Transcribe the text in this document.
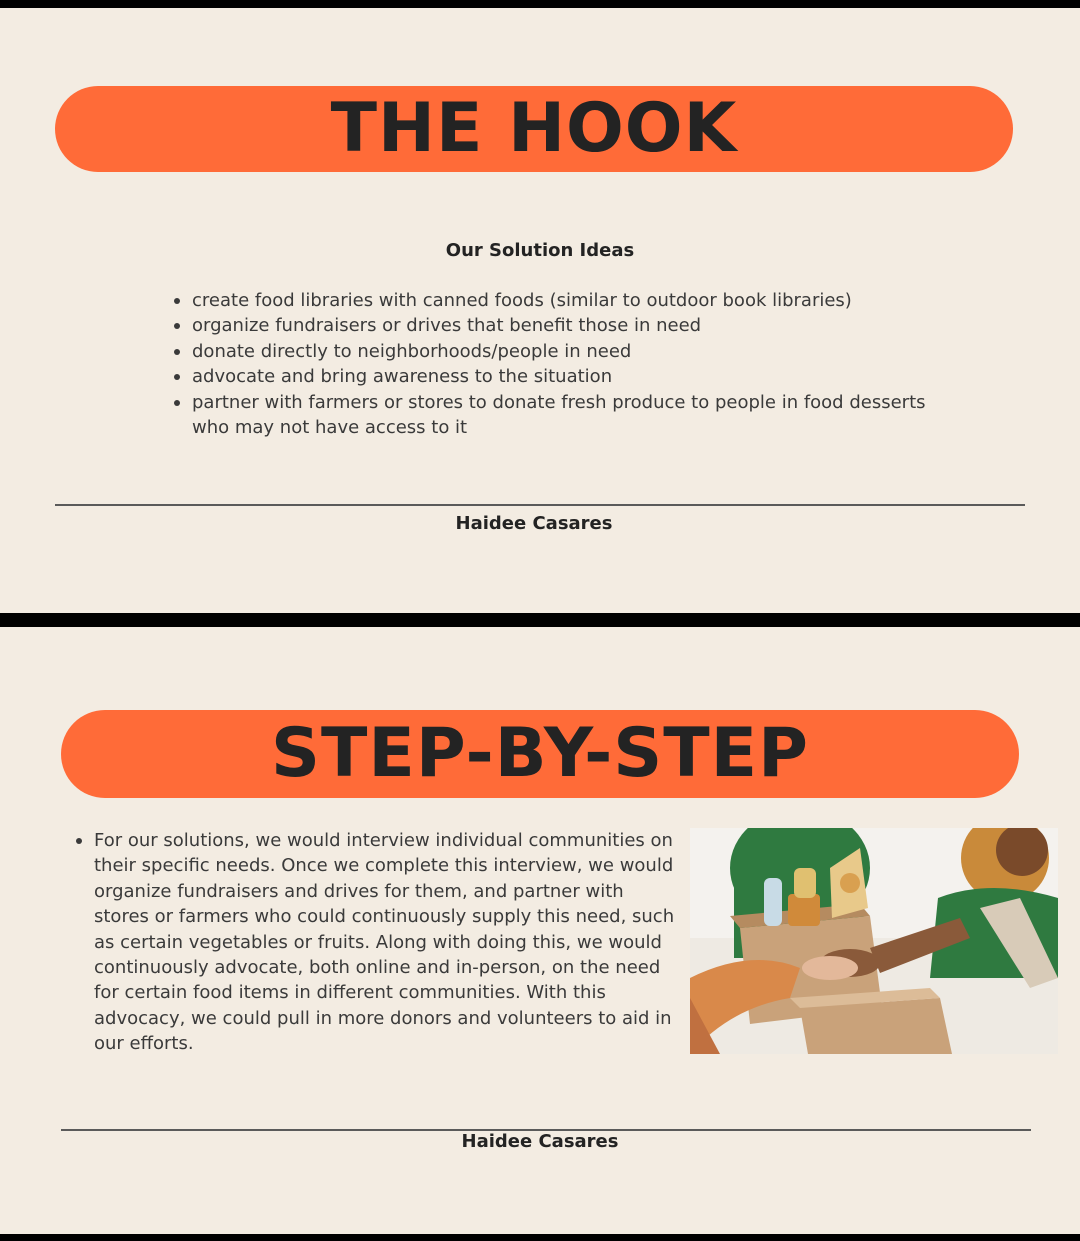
THE HOOK
Our Solution Ideas
create food libraries with canned foods (similar to outdoor book libraries)
organize fundraisers or drives that benefit those in need
donate directly to neighborhoods/people in need
advocate and bring awareness to the situation
partner with farmers or stores to donate fresh produce to people in food desserts who may not have access to it
Haidee Casares
STEP-BY-STEP
For our solutions, we would interview individual communities on their specific needs. Once we complete this interview, we would organize fundraisers and drives for them, and partner with stores or farmers who could continuously supply this need, such as certain vegetables or fruits. Along with doing this, we would continuously advocate, both online and in-person, on the need for certain food items in different communities. With this advocacy, we could pull in more donors and volunteers to aid in our efforts.
Haidee Casares
